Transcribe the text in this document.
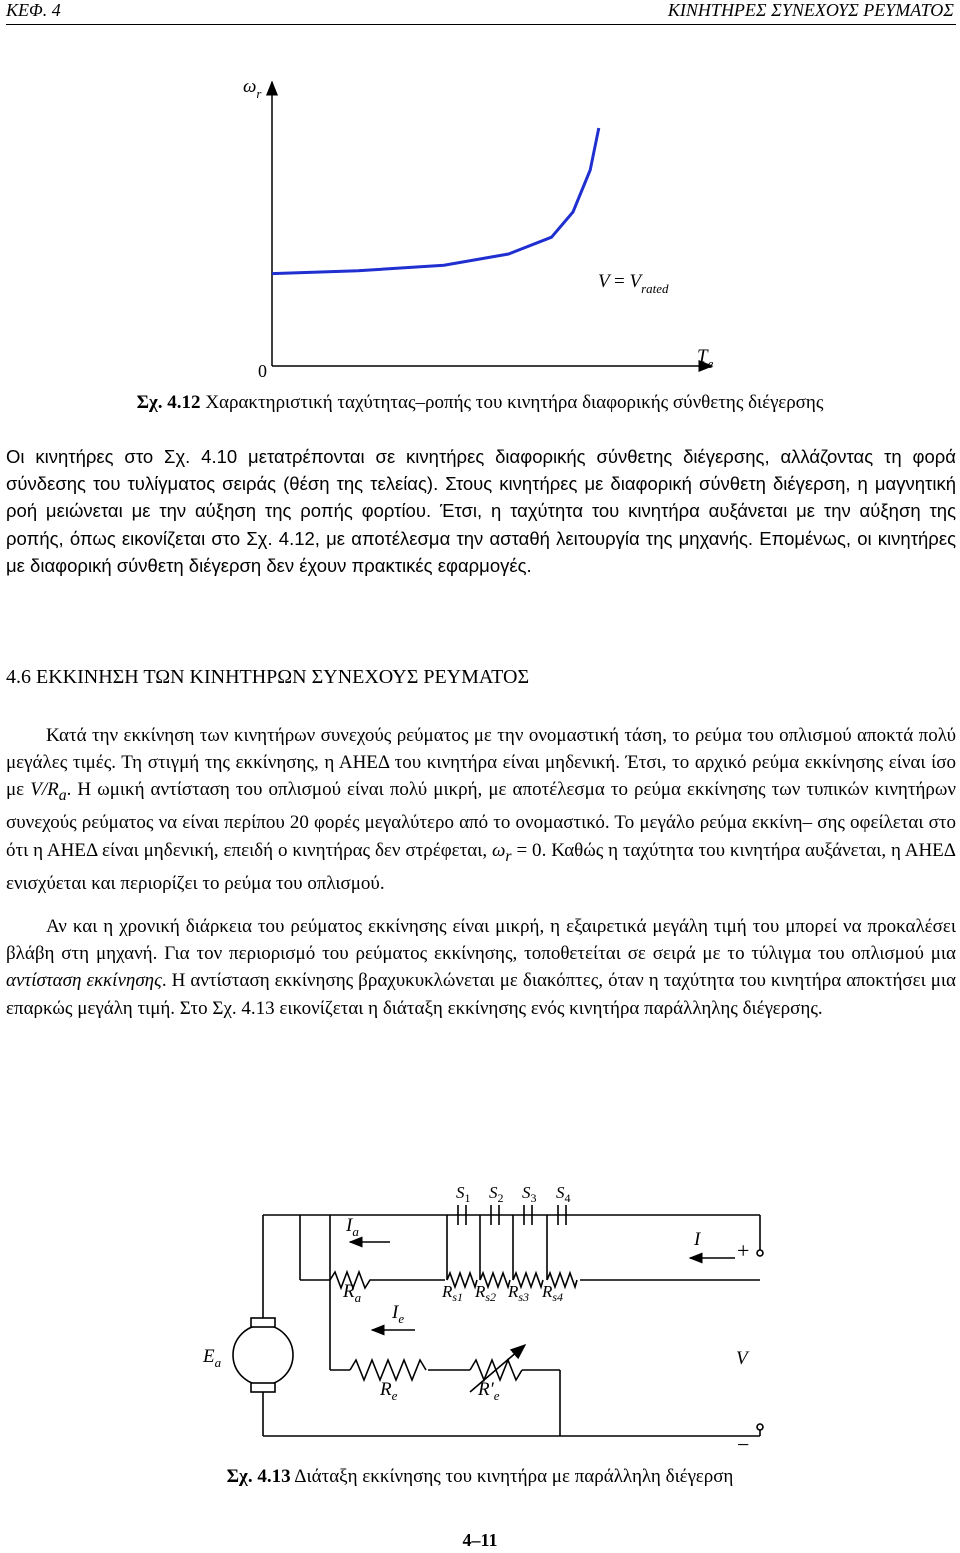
ΚΕΦ. 4	ΚΙΝΗΤΗΡΕΣ ΣΥΝΕΧΟΥΣ ΡΕΥΜΑΤΟΣ
$\omega_r$
$T_e$
0
$V = V_{rated}$
Σχ. 4.12 Χαρακτηριστική ταχύτητας–ροπής του κινητήρα διαφορικής σύνθετης διέγερσης
Οι κινητήρες στο Σχ. 4.10 μετατρέπονται σε κινητήρες διαφορικής σύνθετης διέγερσης, αλλάζοντας τη φορά σύνδεσης του τυλίγματος σειράς (θέση της τελείας). Στους κινητήρες με διαφορική σύνθετη διέγερση, η μαγνητική ροή μειώνεται με την αύξηση της ροπής φορτίου. Έτσι, η ταχύτητα του κινητήρα αυξάνεται με την αύξηση της ροπής, όπως εικονίζεται στο Σχ. 4.12, με αποτέλεσμα την ασταθή λειτουργία της μηχανής. Επομένως, οι κινητήρες με διαφορική σύνθετη διέγερση δεν έχουν πρακτικές εφαρμογές.
4.6 ΕΚΚΙΝΗΣΗ ΤΩΝ ΚΙΝΗΤΗΡΩΝ ΣΥΝΕΧΟΥΣ ΡΕΥΜΑΤΟΣ
Κατά την εκκίνηση των κινητήρων συνεχούς ρεύματος με την ονομαστική τάση, το ρεύμα του οπλισμού αποκτά πολύ μεγάλες τιμές. Τη στιγμή της εκκίνησης, η ΑΗΕΔ του κινητήρα είναι μηδενική. Έτσι, το αρχικό ρεύμα εκκίνησης είναι ίσο με $V/R_a$. Η ωμική αντίσταση του οπλισμού είναι πολύ μικρή, με αποτέλεσμα το ρεύμα εκκίνησης των τυπικών κινητήρων συνεχούς ρεύματος να είναι περίπου 20 φορές μεγαλύτερο από το ονομαστικό. Το μεγάλο ρεύμα εκκίνη– σης οφείλεται στο ότι η ΑΗΕΔ είναι μηδενική, επειδή ο κινητήρας δεν στρέφεται, $\omega_r = 0$. Καθώς η ταχύτητα του κινητήρα αυξάνεται, η ΑΗΕΔ ενισχύεται και περιορίζει το ρεύμα του οπλισμού.
Αν και η χρονική διάρκεια του ρεύματος εκκίνησης είναι μικρή, η εξαιρετικά μεγάλη τιμή του μπορεί να προκαλέσει βλάβη στη μηχανή. Για τον περιορισμό του ρεύματος εκκίνησης, τοποθετείται σε σειρά με το τύλιγμα του οπλισμού μια αντίσταση εκκίνησης. Η αντίσταση εκκίνησης βραχυκυκλώνεται με διακόπτες, όταν η ταχύτητα του κινητήρα αποκτήσει μια επαρκώς μεγάλη τιμή. Στο Σχ. 4.13 εικονίζεται η διάταξη εκκίνησης ενός κινητήρα παράλληλης διέγερσης.
$I_a$
$R_a$
$I_e$
$E_a$
$R_e$	$R'_e$
I
V
+
−
$S_1$
$R_{s1}$
$S_2$
$R_{s2}$
$S_3$
$R_{s3}$
$S_4$
$R_{s4}$
Σχ. 4.13 Διάταξη εκκίνησης του κινητήρα με παράλληλη διέγερση
4–11
